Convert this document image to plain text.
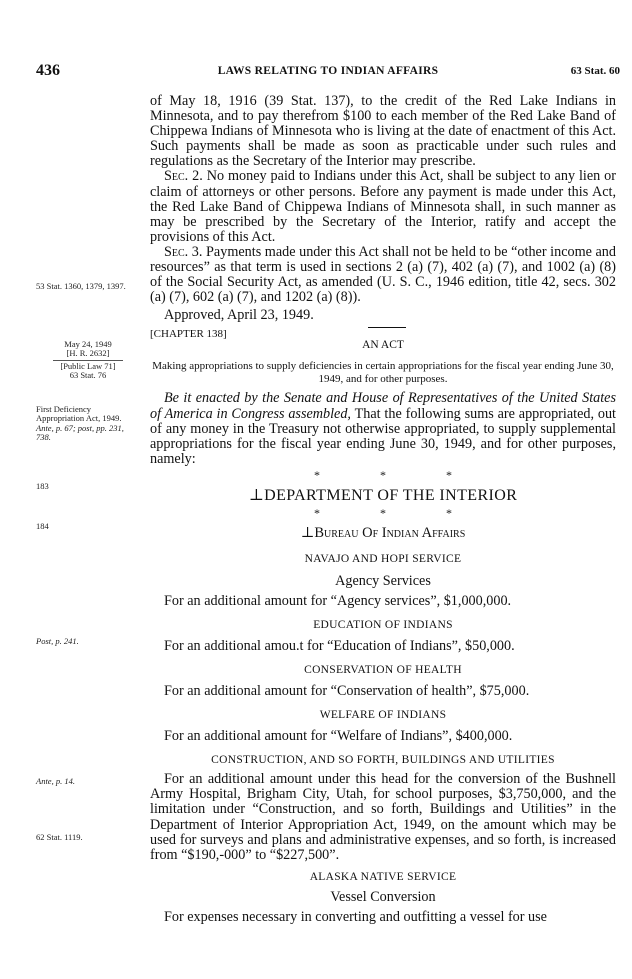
436	LAWS RELATING TO INDIAN AFFAIRS	63 Stat. 60
53 Stat. 1360, 1379, 1397.
May 24, 1949
[H. R. 2632]
[Public Law 71]
63 Stat. 76
First Deficiency Appropriation Act, 1949.
Ante, p. 67; post, pp. 231, 738.
183
184
Post, p. 241.
Ante, p. 14.
62 Stat. 1119.

of May 18, 1916 (39 Stat. 137), to the credit of the Red Lake Indians in Minnesota, and to pay therefrom $100 to each member of the Red Lake Band of Chippewa Indians of Minnesota who is living at the date of enactment of this Act. Such payments shall be made as soon as practicable under such rules and regulations as the Secretary of the Interior may prescribe.

Sec. 2. No money paid to Indians under this Act, shall be subject to any lien or claim of attorneys or other persons. Before any payment is made under this Act, the Red Lake Band of Chippewa Indians of Minnesota shall, in such manner as may be prescribed by the Secretary of the Interior, ratify and accept the provisions of this Act.

Sec. 3. Payments made under this Act shall not be held to be “other income and resources” as that term is used in sections 2 (a) (7), 402 (a) (7), and 1002 (a) (8) of the Social Security Act, as amended (U. S. C., 1946 edition, title 42, secs. 302 (a) (7), 602 (a) (7), and 1202 (a) (8)).

Approved, April 23, 1949.

[CHAPTER 138]
AN ACT

Making appropriations to supply deficiencies in certain appropriations for the fiscal year ending June 30, 1949, and for other purposes.

Be it enacted by the Senate and House of Representatives of the United States of America in Congress assembled, That the following sums are appropriated, out of any money in the Treasury not otherwise appropriated, to supply supplemental appropriations for the fiscal year ending June 30, 1949, and for other purposes, namely:

*                    *                    *

⊥DEPARTMENT OF THE INTERIOR

*                    *                    *

⊥Bureau Of Indian Affairs

NAVAJO AND HOPI SERVICE

Agency Services

For an additional amount for “Agency services”, $1,000,000.

EDUCATION OF INDIANS

For an additional amou.t for “Education of Indians”, $50,000.

CONSERVATION OF HEALTH

For an additional amount for “Conservation of health”, $75,000.

WELFARE OF INDIANS

For an additional amount for “Welfare of Indians”, $400,000.

CONSTRUCTION, AND SO FORTH, BUILDINGS AND UTILITIES

For an additional amount under this head for the conversion of the Bushnell Army Hospital, Brigham City, Utah, for school purposes, $3,750,000, and the limitation under “Construction, and so forth, Buildings and Utilities” in the Department of Interior Appropriation Act, 1949, on the amount which may be used for surveys and plans and administrative expenses, and so forth, is increased from “$190,-000” to “$227,500”.

ALASKA NATIVE SERVICE

Vessel Conversion

For expenses necessary in converting and outfitting a vessel for use
